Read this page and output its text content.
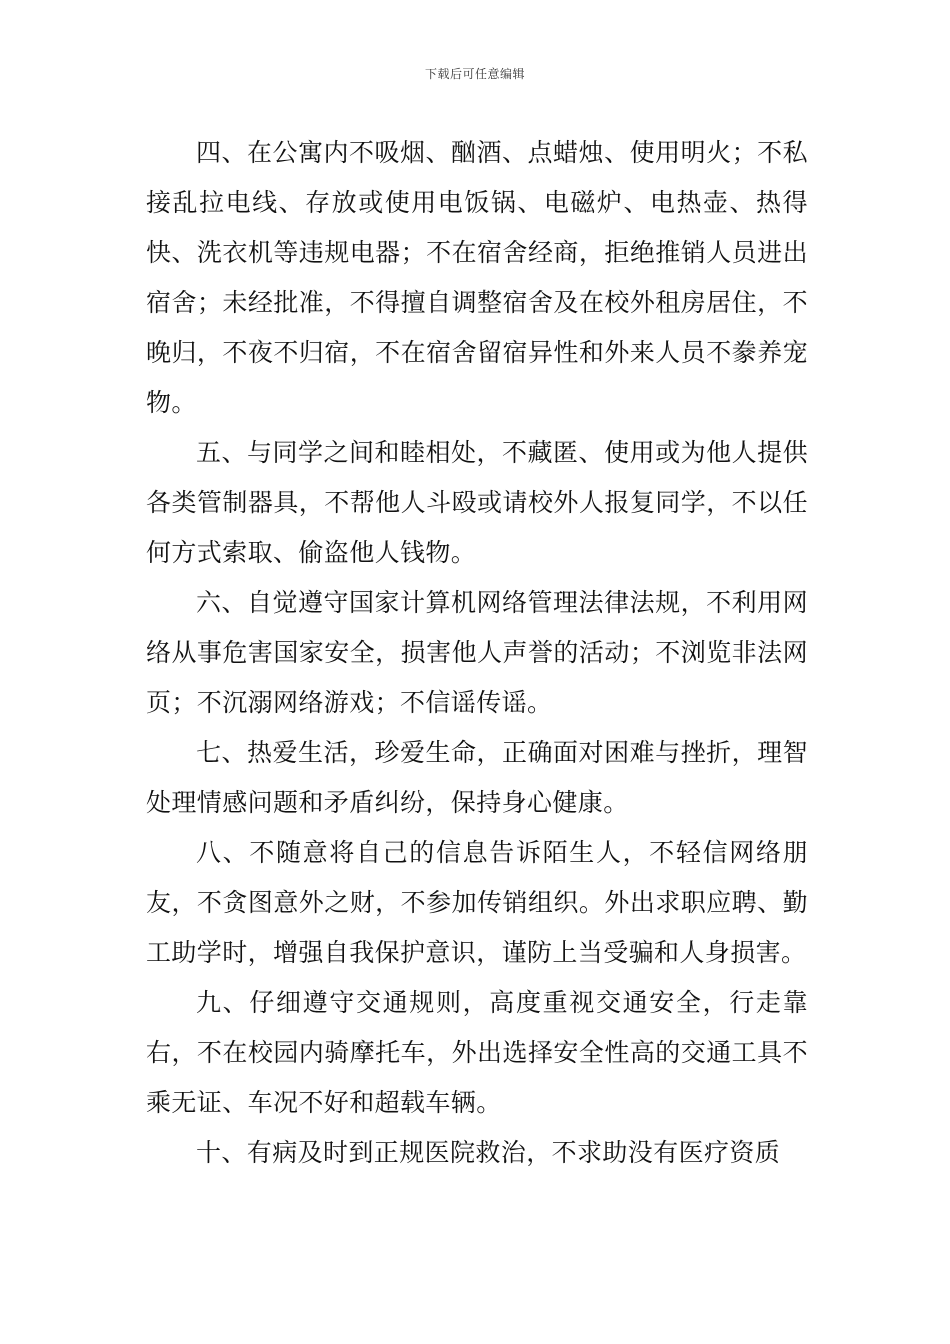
下载后可任意编辑

四、在公寓内不吸烟、酗酒、点蜡烛、使用明火；不私接乱拉电线、存放或使用电饭锅、电磁炉、电热壶、热得快、洗衣机等违规电器；不在宿舍经商，拒绝推销人员进出宿舍；未经批准，不得擅自调整宿舍及在校外租房居住，不晚归，不夜不归宿，不在宿舍留宿异性和外来人员不豢养宠物。

五、与同学之间和睦相处，不藏匿、使用或为他人提供各类管制器具，不帮他人斗殴或请校外人报复同学，不以任何方式索取、偷盗他人钱物。

六、自觉遵守国家计算机网络管理法律法规，不利用网络从事危害国家安全，损害他人声誉的活动；不浏览非法网页；不沉溺网络游戏；不信谣传谣。

七、热爱生活，珍爱生命，正确面对困难与挫折，理智处理情感问题和矛盾纠纷，保持身心健康。

八、不随意将自己的信息告诉陌生人，不轻信网络朋友，不贪图意外之财，不参加传销组织。外出求职应聘、勤工助学时，增强自我保护意识，谨防上当受骗和人身损害。

九、仔细遵守交通规则，高度重视交通安全，行走靠右，不在校园内骑摩托车，外出选择安全性高的交通工具不乘无证、车况不好和超载车辆。

十、有病及时到正规医院救治，不求助没有医疗资质
